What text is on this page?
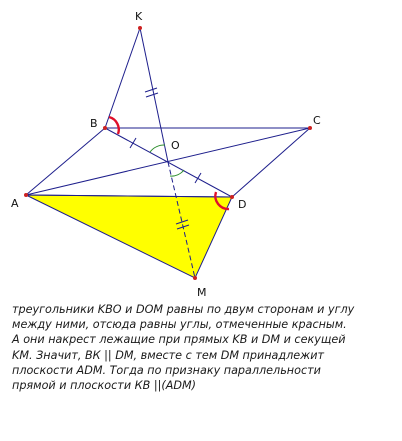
K
B	C
O
A	D
M
треугольники KBO и DOM равны по двум сторонам и углу
между ними, отсюда равны углы, отмеченные красным.
А они накрест лежащие при прямых KB и DM и секущей
KM. Значит, ВК || DM, вместе с тем DM принадлежит
плоскости ADM. Тогда по признаку параллельности
прямой и плоскости КВ ||(ADM)
